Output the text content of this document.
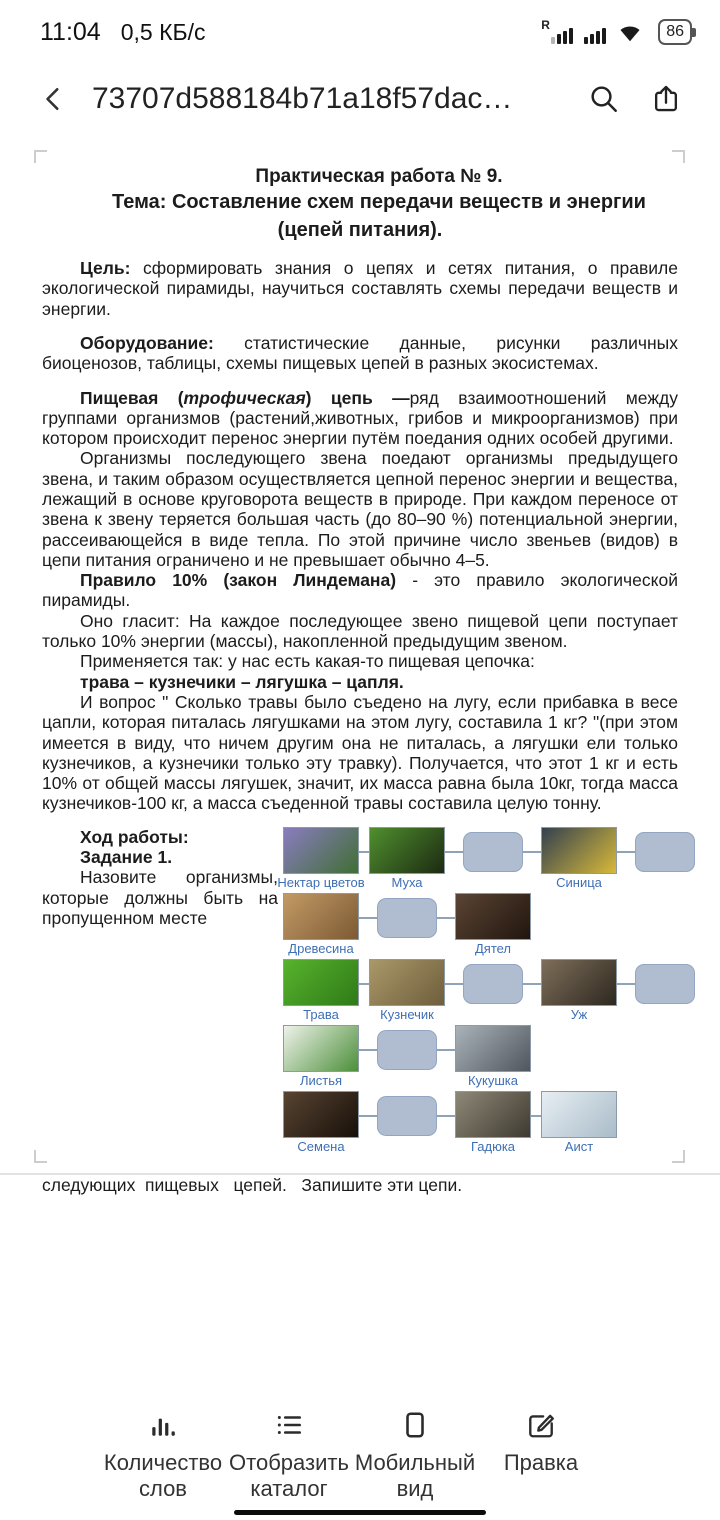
11:04 0,5 КБ/с	R	86
73707d588184b71a18f57dac…

Практическая работа № 9.

Тема: Составление схем передачи веществ и энергии (цепей питания).

Цель: сформировать знания о цепях и сетях питания, о правиле экологической пирамиды, научиться составлять схемы передачи веществ и энергии.

Оборудование: статистические данные, рисунки различных биоценозов, таблицы, схемы пищевых цепей в разных экосистемах.

Пищевая (трофическая) цепь —ряд взаимоотношений между группами организмов (растений,животных, грибов и микроорганизмов) при котором происходит перенос энергии путём поедания одних особей другими.

Организмы последующего звена поедают организмы предыдущего звена, и таким образом осуществляется цепной перенос энергии и вещества, лежащий в основе круговорота веществ в природе. При каждом переносе от звена к звену теряется большая часть (до 80–90 %) потенциальной энергии, рассеивающейся в виде тепла. По этой причине число звеньев (видов) в цепи питания ограничено и не превышает обычно 4–5.

Правило 10% (закон Линдемана) - это правило экологической пирамиды.

Оно гласит: На каждое последующее звено пищевой цепи поступает только 10% энергии (массы), накопленной предыдущим звеном.

Применяется так: у нас есть какая-то пищевая цепочка:

трава – кузнечики – лягушка – цапля.

И вопрос " Сколько травы было съедено на лугу, если прибавка в весе цапли, которая питалась лягушками на этом лугу, составила 1 кг? "(при этом имеется в виду, что ничем другим она не питалась, а лягушки ели только кузнечиков, а кузнечики только эту травку). Получается, что этот 1 кг и есть 10% от общей массы лягушек, значит, их масса равна была 10кг, тогда масса кузнечиков-100 кг, а масса съеденной травы составила целую тонну.

Ход работы:

Задание 1.

Назовите организмы, которые должны быть на пропущенном месте

Нектар цветов Муха	Синица
Древесина	Дятел
Трава	Кузнечик	Уж
Листья	Кукушка
Семена	Гадюка	Аист

следующих  пищевых   цепей.   Запишите эти цепи.

Количество слов
Отобразить каталог
Мобильный вид
Правка
